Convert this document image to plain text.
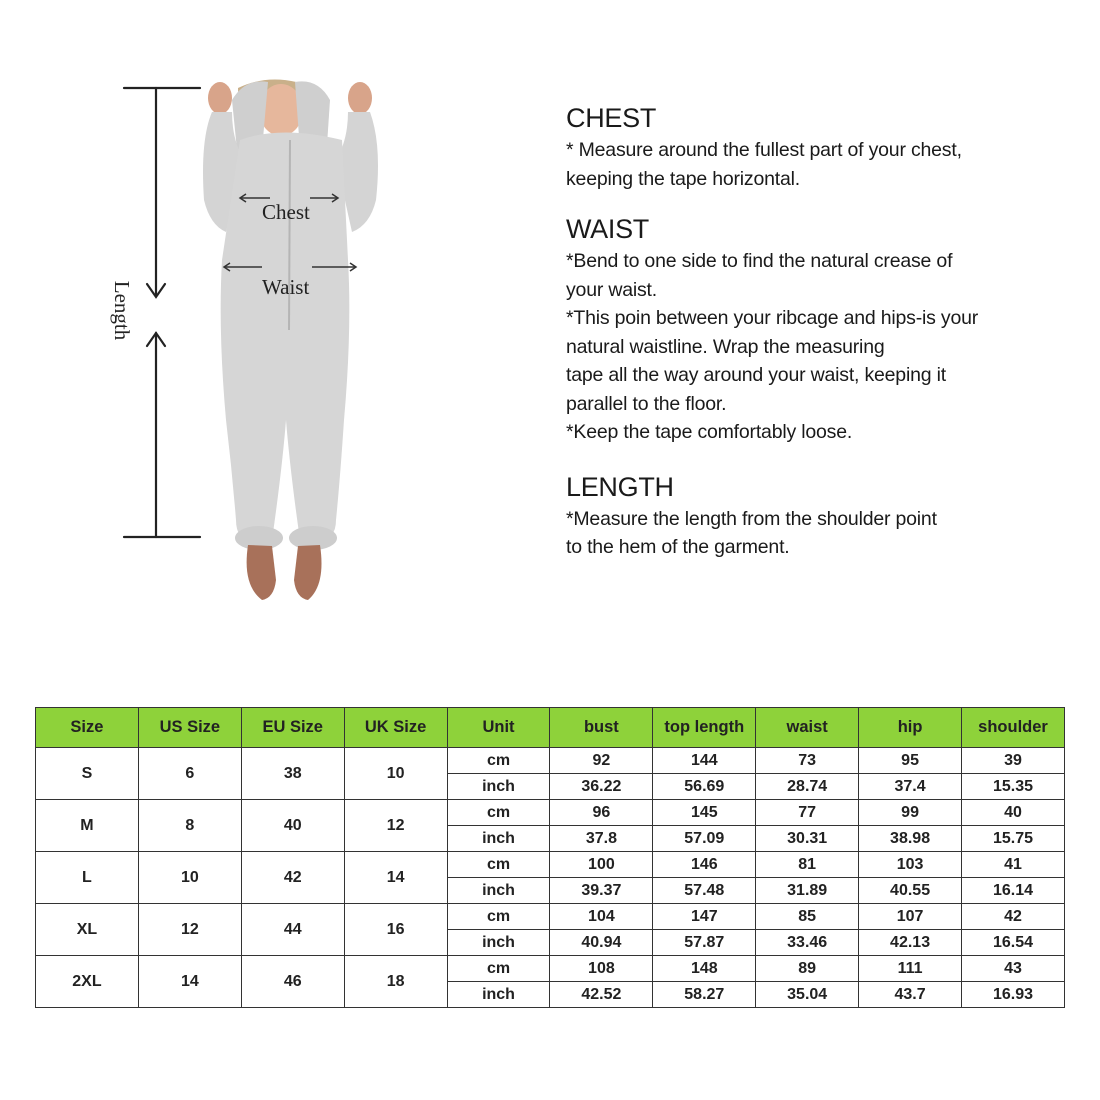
Chest
Waist
Length
CHEST

* Measure around the fullest part of your chest,

keeping the tape horizontal.

WAIST

*Bend to one side to find the natural crease of

your waist.

*This poin between your ribcage and hips-is your

natural waistline. Wrap the measuring

tape all the way around your waist, keeping it

parallel to the floor.

*Keep the tape comfortably loose.

LENGTH

*Measure the length from the shoulder point

to the hem of the garment.

Size	US Size	EU Size	UK Size	Unit	bust	top length	waist	hip	shoulder
S	6	38	10	cm	92	144	73	95	39
				inch	36.22	56.69	28.74	37.4	15.35
M	8	40	12	cm	96	145	77	99	40
				inch	37.8	57.09	30.31	38.98	15.75
L	10	42	14	cm	100	146	81	103	41
				inch	39.37	57.48	31.89	40.55	16.14
XL	12	44	16	cm	104	147	85	107	42
				inch	40.94	57.87	33.46	42.13	16.54
2XL	14	46	18	cm	108	148	89	111	43
				inch	42.52	58.27	35.04	43.7	16.93
